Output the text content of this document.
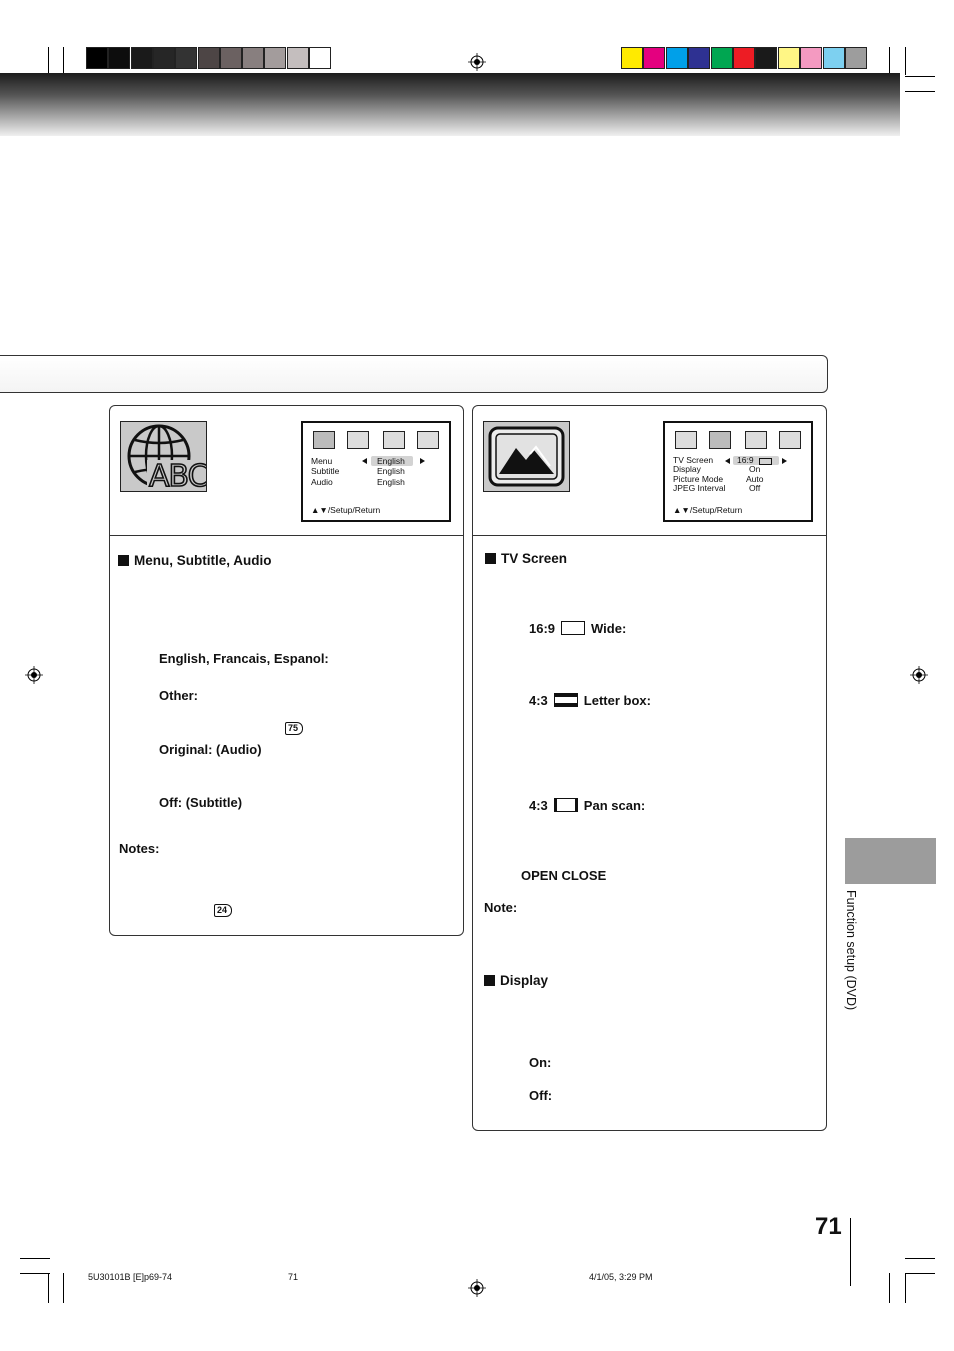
ABC	Menu	English
Subtitle	English
Audio	English
▲▼/Setup/Return
Menu, Subtitle, Audio
English, Francais, Espanol:
Other:
75
Original: (Audio)
Off: (Subtitle)
Notes:
24
TV Screen	16:9
Display	On
Picture Mode	Auto
JPEG Interval	Off
▲▼/Setup/Return
TV Screen
16:9	Wide:
4:3	Letter box:
4:3	Pan scan:
OPEN CLOSE
Note:
Display
On:
Off:
Function setup (DVD)
71
5U30101B [E]p69-74	71	4/1/05, 3:29 PM
